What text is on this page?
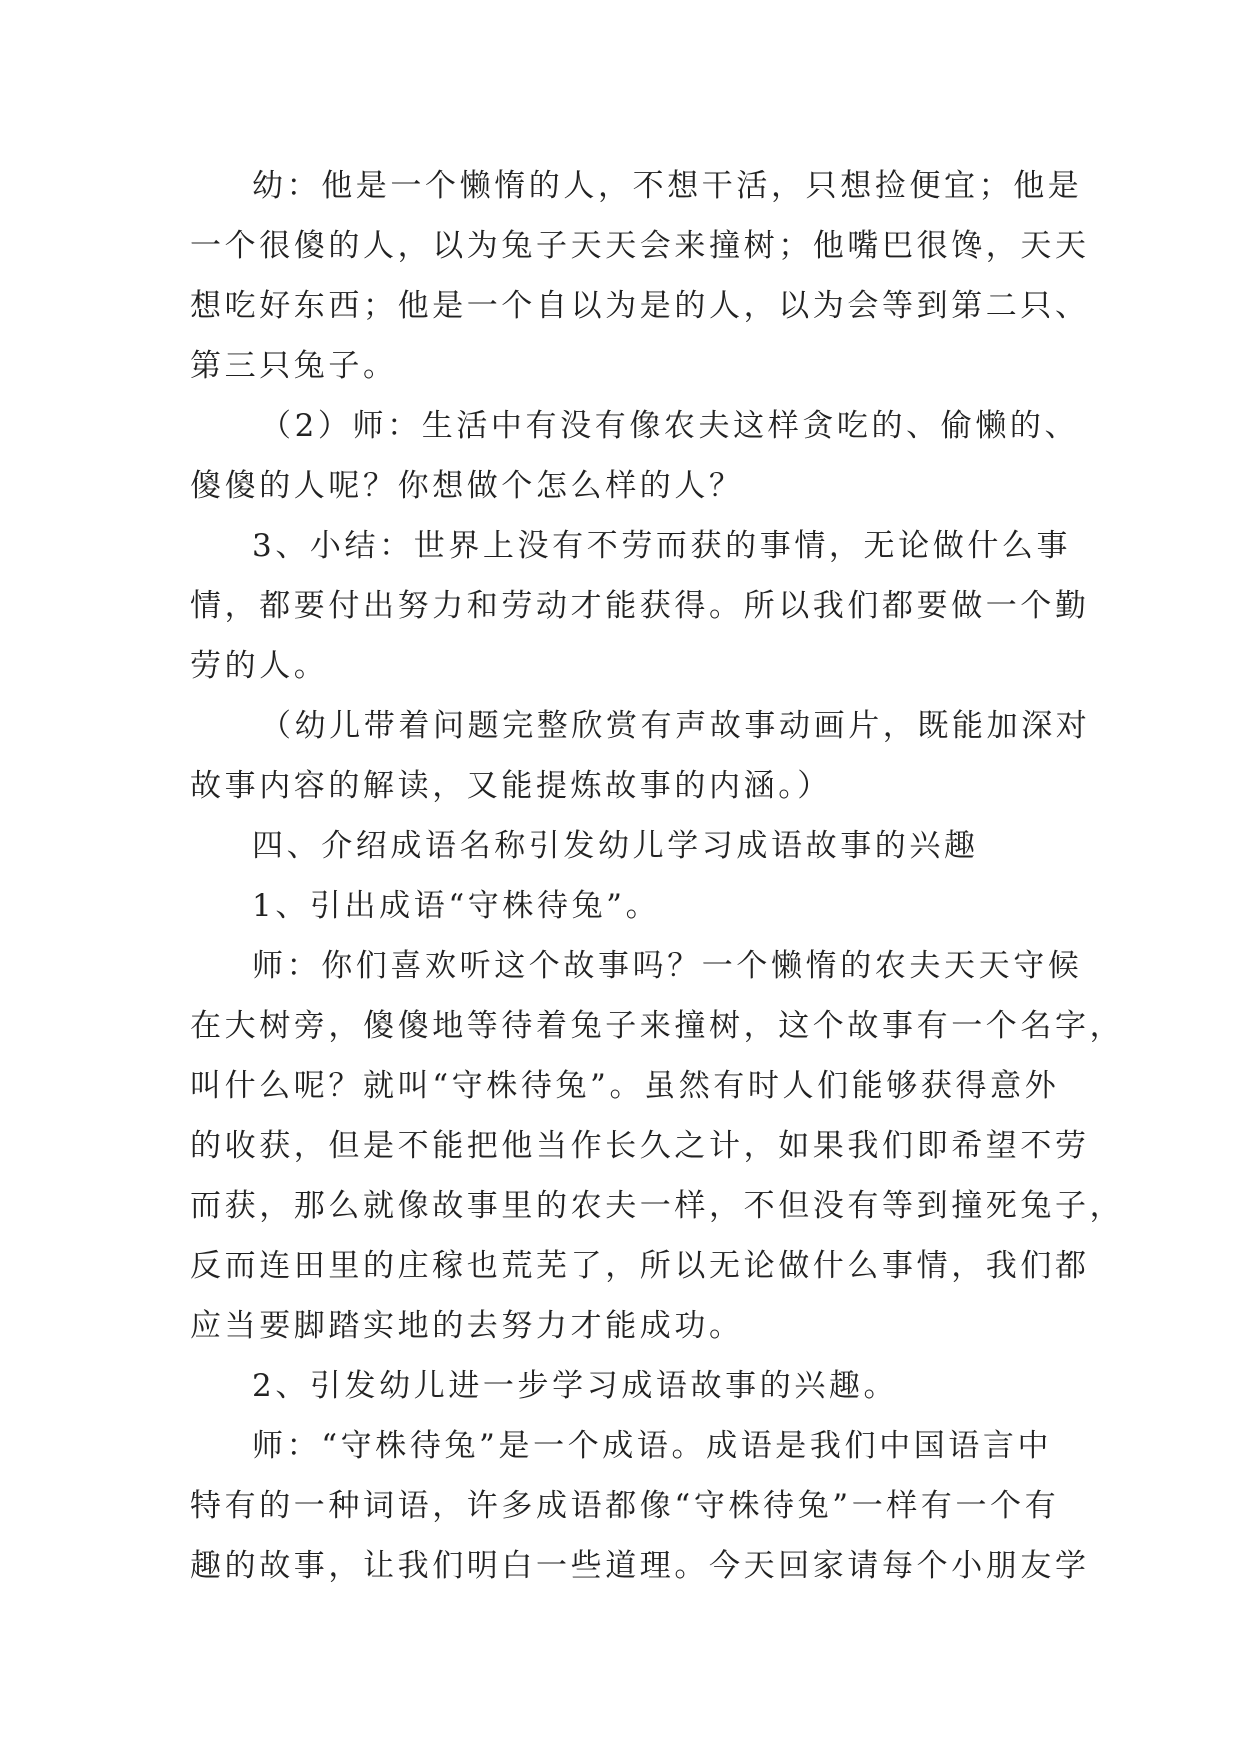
幼：他是一个懒惰的人，不想干活，只想捡便宜；他是
一个很傻的人，以为兔子天天会来撞树；他嘴巴很馋，天天
想吃好东西；他是一个自以为是的人，以为会等到第二只、
第三只兔子。
（2）师：生活中有没有像农夫这样贪吃的、偷懒的、
傻傻的人呢？你想做个怎么样的人？
3、小结：世界上没有不劳而获的事情，无论做什么事
情，都要付出努力和劳动才能获得。所以我们都要做一个勤
劳的人。
（幼儿带着问题完整欣赏有声故事动画片，既能加深对
故事内容的解读，又能提炼故事的内涵。）
四、介绍成语名称引发幼儿学习成语故事的兴趣
1、引出成语“守株待兔”。
师：你们喜欢听这个故事吗？一个懒惰的农夫天天守候
在大树旁，傻傻地等待着兔子来撞树，这个故事有一个名字，
叫什么呢？就叫“守株待兔”。虽然有时人们能够获得意外
的收获，但是不能把他当作长久之计，如果我们即希望不劳
而获，那么就像故事里的农夫一样，不但没有等到撞死兔子，
反而连田里的庄稼也荒芜了，所以无论做什么事情，我们都
应当要脚踏实地的去努力才能成功。
2、引发幼儿进一步学习成语故事的兴趣。
师：“守株待兔”是一个成语。成语是我们中国语言中
特有的一种词语，许多成语都像“守株待兔”一样有一个有
趣的故事，让我们明白一些道理。今天回家请每个小朋友学
